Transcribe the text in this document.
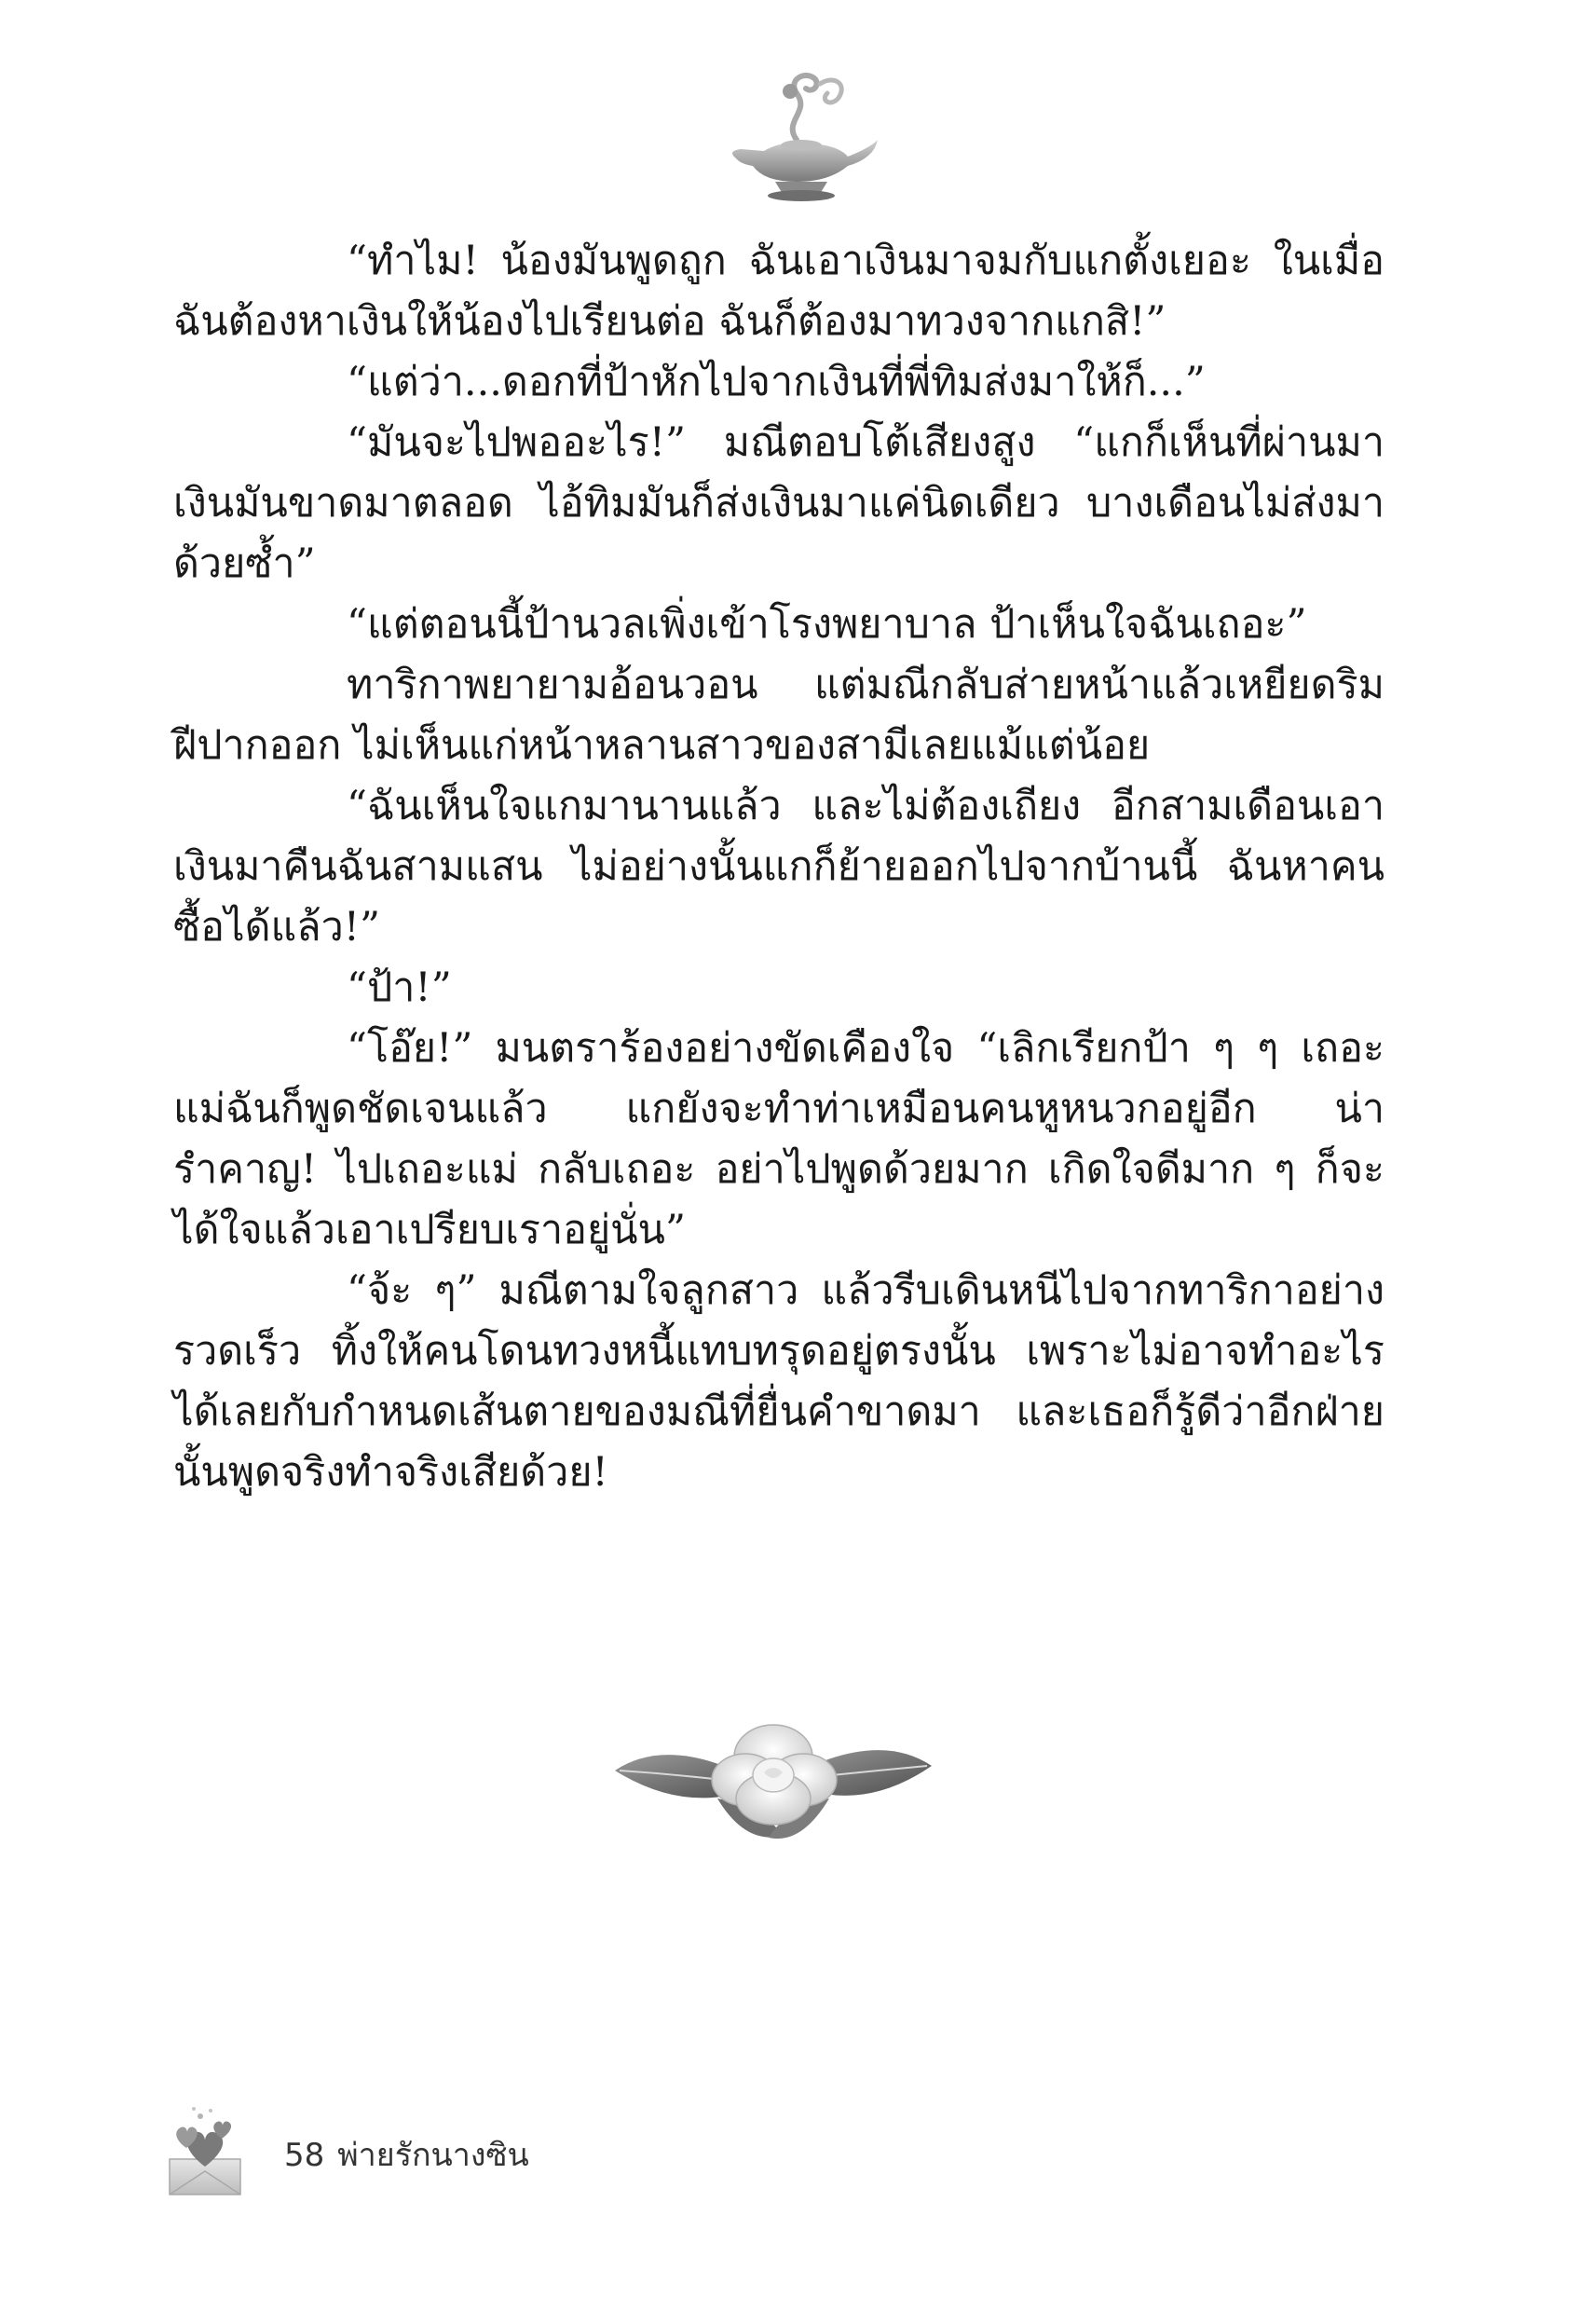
“ทำไม! น้องมันพูดถูก ฉันเอาเงินมาจมกับแกตั้งเยอะ ในเมื่อฉันต้องหาเงินให้น้องไปเรียนต่อ ฉันก็ต้องมาทวงจากแกสิ!”

“แต่ว่า...ดอกที่ป้าหักไปจากเงินที่พี่ทิมส่งมาให้ก็...”

“มันจะไปพออะไร!” มณีตอบโต้เสียงสูง “แกก็เห็นที่ผ่านมา เงินมันขาดมาตลอด ไอ้ทิมมันก็ส่งเงินมาแค่นิดเดียว บางเดือนไม่ส่งมาด้วยซ้ำ”

“แต่ตอนนี้ป้านวลเพิ่งเข้าโรงพยาบาล ป้าเห็นใจฉันเถอะ”

ทาริกาพยายามอ้อนวอน แต่มณีกลับส่ายหน้าแล้วเหยียดริมฝีปากออก ไม่เห็นแก่หน้าหลานสาวของสามีเลยแม้แต่น้อย

“ฉันเห็นใจแกมานานแล้ว และไม่ต้องเถียง อีกสามเดือนเอาเงินมาคืนฉันสามแสน ไม่อย่างนั้นแกก็ย้ายออกไปจากบ้านนี้ ฉันหาคนซื้อได้แล้ว!”

“ป้า!”

“โอ๊ย!” มนตราร้องอย่างขัดเคืองใจ “เลิกเรียกป้า ๆ ๆ เถอะ แม่ฉันก็พูดชัดเจนแล้ว แกยังจะทำท่าเหมือนคนหูหนวกอยู่อีก น่ารำคาญ! ไปเถอะแม่ กลับเถอะ อย่าไปพูดด้วยมาก เกิดใจดีมาก ๆ ก็จะได้ใจแล้วเอาเปรียบเราอยู่นั่น”

“จ้ะ ๆ” มณีตามใจลูกสาว แล้วรีบเดินหนีไปจากทาริกาอย่างรวดเร็ว ทิ้งให้คนโดนทวงหนี้แทบทรุดอยู่ตรงนั้น เพราะไม่อาจทำอะไรได้เลยกับกำหนดเส้นตายของมณีที่ยื่นคำขาดมา และเธอก็รู้ดีว่าอีกฝ่ายนั้นพูดจริงทำจริงเสียด้วย!

58 พ่ายรักนางซิน
